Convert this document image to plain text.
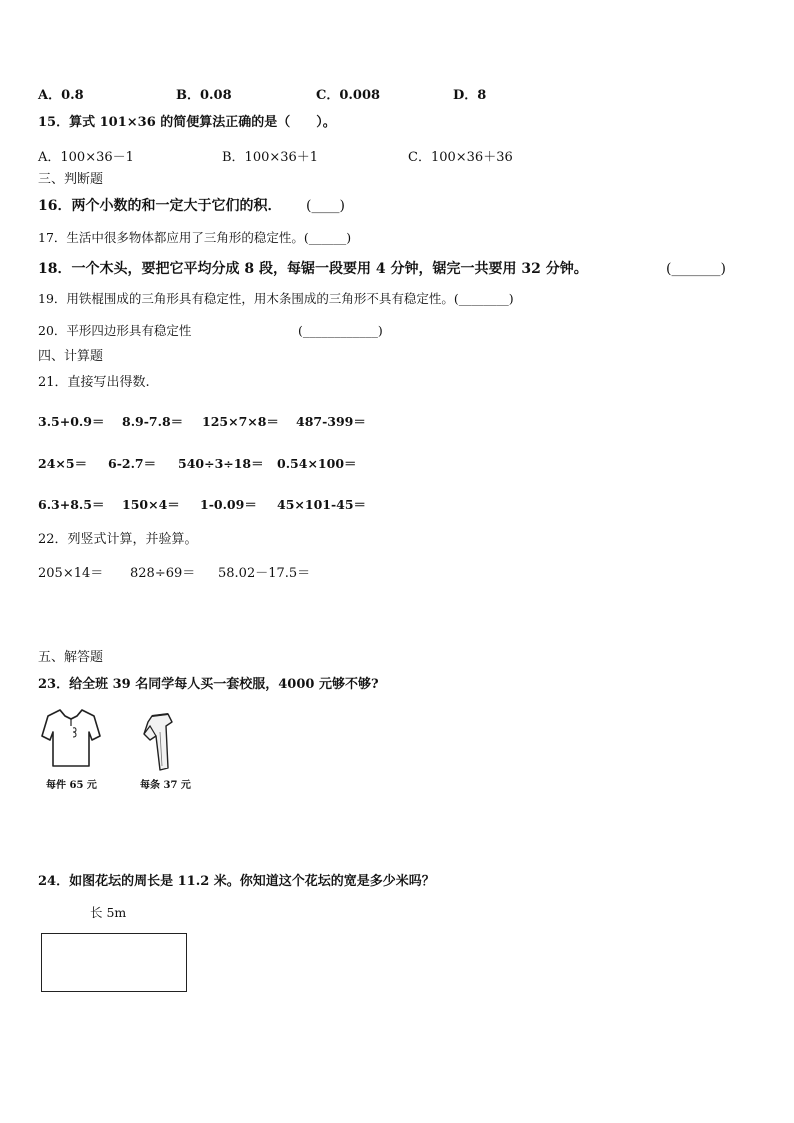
A．0.8	B．0.08	C．0.008	D．8
15．算式 101×36 的简便算法正确的是（　　）。
A．100×36－1	B．100×36＋1	C．100×36＋36
三、判断题
16．两个小数的和一定大于它们的积． (____)
17．生活中很多物体都应用了三角形的稳定性。(______)
18．一个木头，要把它平均分成 8 段，每锯一段要用 4 分钟，锯完一共要用 32 分钟。	(_______)
19．用铁棍围成的三角形具有稳定性，用木条围成的三角形不具有稳定性。(________)
20．平形四边形具有稳定性	(____________)
四、计算题
21．直接写出得数.
3.5+0.9＝ 8.9-7.8＝ 125×7×8＝ 487-399＝
24×5＝ 6-2.7＝ 540÷3÷18＝ 0.54×100＝
6.3+8.5＝ 150×4＝ 1-0.09＝ 45×101-45＝
22．列竖式计算，并验算。
205×14＝ 828÷69＝ 58.02－17.5＝
五、解答题
23．给全班 39 名同学每人买一套校服，4000 元够不够?
每件 65 元	每条 37 元
24．如图花坛的周长是 11.2 米。你知道这个花坛的宽是多少米吗？
长 5m
